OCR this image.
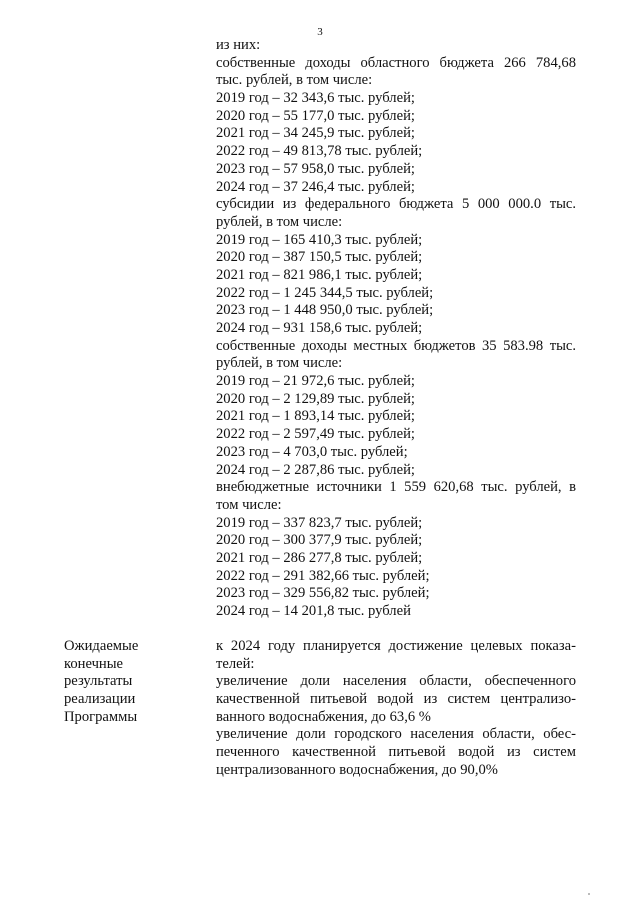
3
из них:
собственные доходы областного бюджета 266 784,68
тыс. рублей, в том числе:
2019 год – 32 343,6 тыс. рублей;
2020 год – 55 177,0 тыс. рублей;
2021 год – 34 245,9 тыс. рублей;
2022 год – 49 813,78 тыс. рублей;
2023 год – 57 958,0 тыс. рублей;
2024 год – 37 246,4 тыс. рублей;
субсидии из федерального бюджета 5 000 000.0 тыс.
рублей, в том числе:
2019 год – 165 410,3 тыс. рублей;
2020 год – 387 150,5 тыс. рублей;
2021 год – 821 986,1 тыс. рублей;
2022 год – 1 245 344,5 тыс. рублей;
2023 год – 1 448 950,0 тыс. рублей;
2024 год – 931 158,6 тыс. рублей;
собственные доходы местных бюджетов 35 583.98 тыс.
рублей, в том числе:
2019 год – 21 972,6 тыс. рублей;
2020 год – 2 129,89 тыс. рублей;
2021 год – 1 893,14 тыс. рублей;
2022 год – 2 597,49 тыс. рублей;
2023 год – 4 703,0 тыс. рублей;
2024 год – 2 287,86 тыс. рублей;
внебюджетные источники 1 559 620,68 тыс. рублей, в
том числе:
2019 год – 337 823,7 тыс. рублей;
2020 год – 300 377,9 тыс. рублей;
2021 год – 286 277,8 тыс. рублей;
2022 год – 291 382,66 тыс. рублей;
2023 год – 329 556,82 тыс. рублей;
2024 год – 14 201,8 тыс. рублей
Ожидаемые
конечные
результаты
реализации
Программы
к 2024 году планируется достижение целевых показа-
телей:
увеличение доли населения области, обеспеченного
качественной питьевой водой из систем централизо-
ванного водоснабжения, до 63,6 %
увеличение доли городского населения области, обес-
печенного качественной питьевой водой из систем
централизованного водоснабжения, до 90,0%
